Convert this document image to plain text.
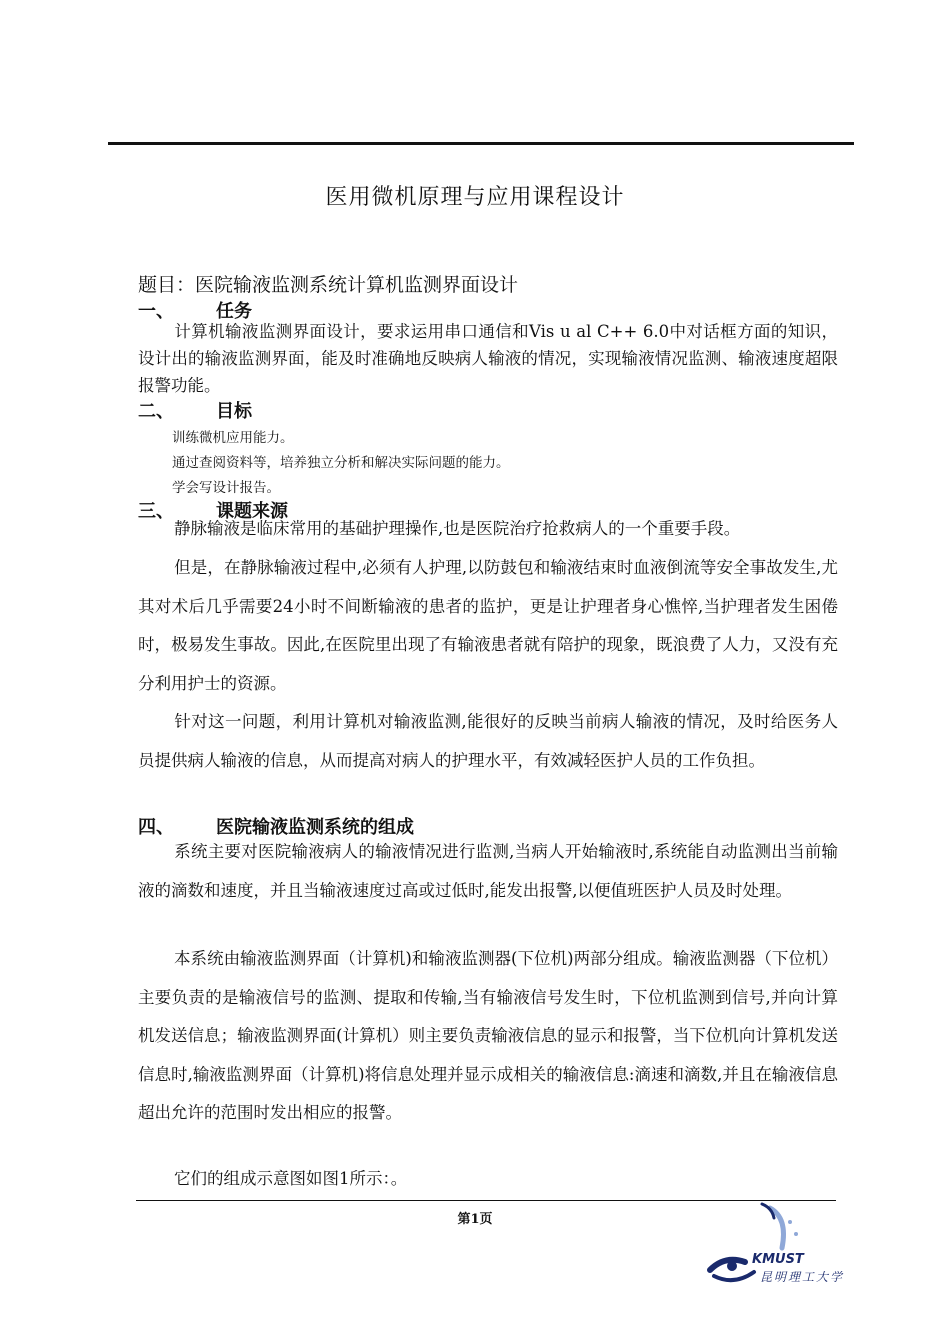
医用微机原理与应用课程设计
题目：医院输液监测系统计算机监测界面设计
一、 任务
计算机输液监测界面设计，要求运用串口通信和Vis u al C++ 6.0中对话框方面的知识，设计出的输液监测界面，能及时准确地反映病人输液的情况，实现输液情况监测、输液速度超限报警功能。
二、 目标
训练微机应用能力。
通过查阅资料等，培养独立分析和解决实际问题的能力。
学会写设计报告。
三、 课题来源
静脉输液是临床常用的基础护理操作,也是医院治疗抢救病人的一个重要手段。
但是，在静脉输液过程中,必须有人护理,以防鼓包和输液结束时血液倒流等安全事故发生,尤其对术后几乎需要24小时不间断输液的患者的监护，更是让护理者身心憔悴,当护理者发生困倦时，极易发生事故。因此,在医院里出现了有输液患者就有陪护的现象，既浪费了人力，又没有充分利用护士的资源。
针对这一问题，利用计算机对输液监测,能很好的反映当前病人输液的情况，及时给医务人员提供病人输液的信息，从而提高对病人的护理水平，有效减轻医护人员的工作负担。
四、 医院输液监测系统的组成
系统主要对医院输液病人的输液情况进行监测,当病人开始输液时,系统能自动监测出当前输液的滴数和速度，并且当输液速度过高或过低时,能发出报警,以便值班医护人员及时处理。
本系统由输液监测界面（计算机)和输液监测器(下位机)两部分组成。输液监测器（下位机）主要负责的是输液信号的监测、提取和传输,当有输液信号发生时，下位机监测到信号,并向计算机发送信息；输液监测界面(计算机）则主要负责输液信息的显示和报警，当下位机向计算机发送信息时,输液监测界面（计算机)将信息处理并显示成相关的输液信息:滴速和滴数,并且在输液信息超出允许的范围时发出相应的报警。
它们的组成示意图如图1所示：。
第1页
KMUST
昆明理工大学
